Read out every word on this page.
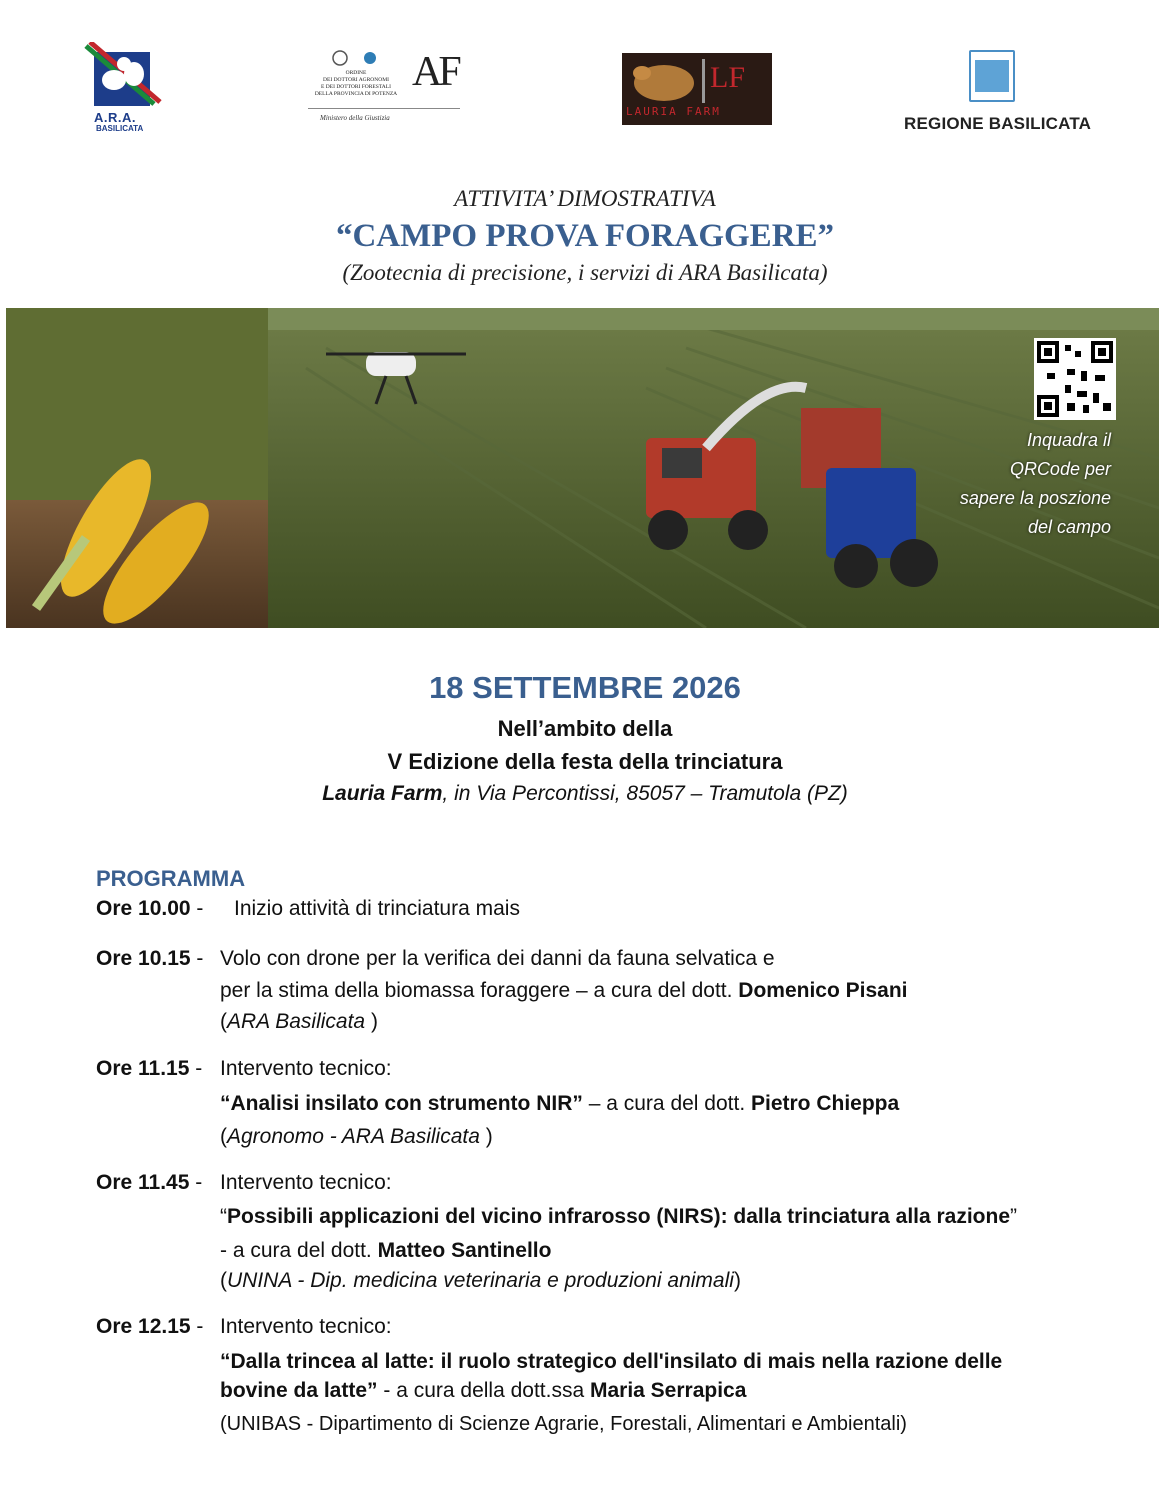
A.R.A.
BASILICATA
ORDINE
DEI DOTTORI AGRONOMI
E DEI DOTTORI FORESTALI
DELLA PROVINCIA DI POTENZA AF
Ministero della Giustizia
LF
LAURIA FARM
REGIONE BASILICATA
ATTIVITA’ DIMOSTRATIVA
“CAMPO PROVA FORAGGERE”
(Zootecnia di precisione, i servizi di ARA Basilicata)
Inquadra il
QRCode per
sapere la poszione
del campo
18 SETTEMBRE 2026
Nell’ambito della
V Edizione della festa della trinciatura
Lauria Farm, in Via Percontissi, 85057 – Tramutola (PZ)
PROGRAMMA
Ore 10.00 - Inizio attività di trinciatura mais
Ore 10.15 - Volo con drone per la verifica dei danni da fauna selvatica e
per la stima della biomassa foraggere – a cura del dott. Domenico Pisani
(ARA Basilicata )
Ore 11.15 - Intervento tecnico:
“Analisi insilato con strumento NIR” – a cura del dott. Pietro Chieppa
(Agronomo - ARA Basilicata )
Ore 11.45 - Intervento tecnico:
“Possibili applicazioni del vicino infrarosso (NIRS): dalla trinciatura alla razione”
- a cura del dott. Matteo Santinello
(UNINA - Dip. medicina veterinaria e produzioni animali)
Ore 12.15 - Intervento tecnico:
“Dalla trincea al latte: il ruolo strategico dell'insilato di mais nella razione delle
bovine da latte” - a cura della dott.ssa Maria Serrapica
(UNIBAS - Dipartimento di Scienze Agrarie, Forestali, Alimentari e Ambientali)
